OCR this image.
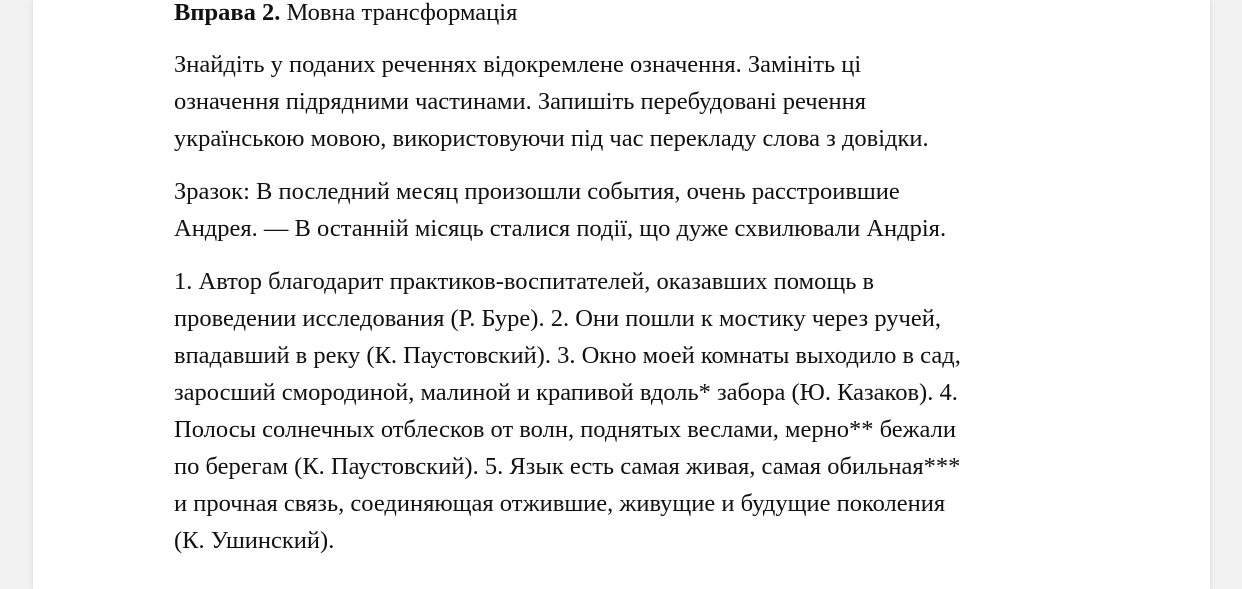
Вправа 2. Мовна трансформація
Знайдіть у поданих реченнях відокремлене означення. Замініть ці
означення підрядними частинами. Запишіть перебудовані речення
українською мовою, використовуючи під час перекладу слова з довідки.
Зразок: В последний месяц произошли события, очень расстроившие
Андрея. — В останній місяць сталися події, що дуже схвилювали Андрія.
1. Автор благодарит практиков-воспитателей, оказавших помощь в
проведении исследования (Р. Буре). 2. Они пошли к мостику через ручей,
впадавший в реку (К. Паустовский). 3. Окно моей комнаты выходило в сад,
заросший смородиной, малиной и крапивой вдоль* забора (Ю. Казаков). 4.
Полосы солнечных отблесков от волн, поднятых веслами, мерно** бежали
по берегам (К. Паустовский). 5. Язык есть самая живая, самая обильная***
и прочная связь, соединяющая отжившие, живущие и будущие поколения
(К. Ушинский).
